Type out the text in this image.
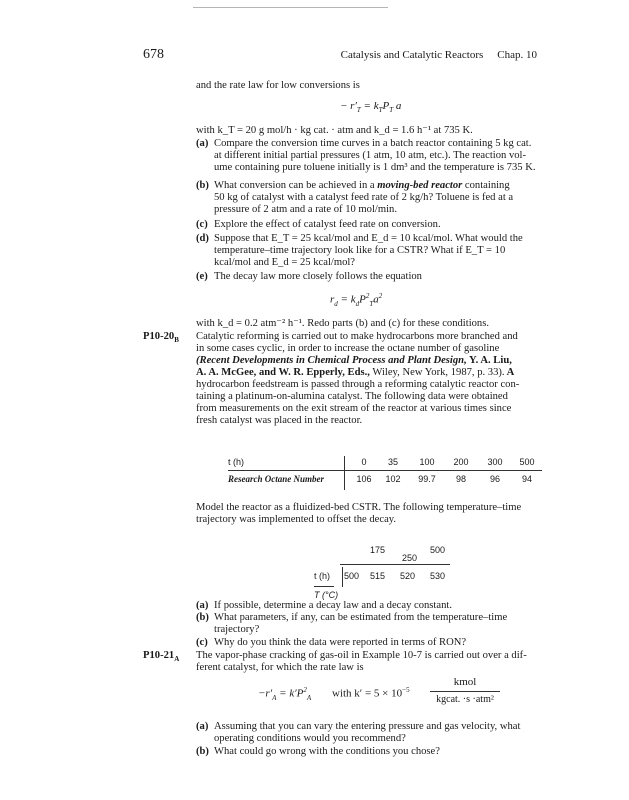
678	Catalysis and Catalytic Reactors Chap. 10
and the rate law for low conversions is
− $r'_T = k_TP_T$ a
with k_T = 20 g mol/h · kg cat. · atm and k_d = 1.6 h⁻¹ at 735 K.
(a) Compare the conversion time curves in a batch reactor containing 5 kg cat.
at different initial partial pressures (1 atm, 10 atm, etc.). The reaction vol-
ume containing pure toluene initially is 1 dm³ and the temperature is 735 K.
(b) What conversion can be achieved in a moving-bed reactor containing
50 kg of catalyst with a catalyst feed rate of 2 kg/h? Toluene is fed at a
pressure of 2 atm and a rate of 10 mol/min.
(c) Explore the effect of catalyst feed rate on conversion.
(d) Suppose that E_T = 25 kcal/mol and E_d = 10 kcal/mol. What would the
temperature–time trajectory look like for a CSTR? What if E_T = 10
kcal/mol and E_d = 25 kcal/mol?
(e) The decay law more closely follows the equation
$r_d = k_dP^2_Ta^2$
with k_d = 0.2 atm⁻² h⁻¹. Redo parts (b) and (c) for these conditions.
$P10-20_B$ Catalytic reforming is carried out to make hydrocarbons more branched and
in some cases cyclic, in order to increase the octane number of gasoline
(Recent Developments in Chemical Process and Plant Design, Y. A. Liu,
A. A. McGee, and W. R. Epperly, Eds., Wiley, New York, 1987, p. 33). A
hydrocarbon feedstream is passed through a reforming catalytic reactor con-
taining a platinum-on-alumina catalyst. The following data were obtained
from measurements on the exit stream of the reactor at various times since
fresh catalyst was placed in the reactor.
t (h)		0	35	100	200	300	500
Research Octane Number		106	102	99.7	98	96	94
Model the reactor as a fluidized-bed CSTR. The following temperature–time
trajectory was implemented to offset the decay.
175
250
500
t (h) 500 515 520 530
T (°C)
(a) If possible, determine a decay law and a decay constant.
(b) What parameters, if any, can be estimated from the temperature–time
trajectory?
(c) Why do you think the data were reported in terms of RON?
$P10-21_A$ The vapor-phase cracking of gas-oil in Example 10-7 is carried out over a dif-
ferent catalyst, for which the rate law is
$-r'_A = k'P^2_A$ with $k' = 5 \times 10^{-5}$
kmol
kgcat. ·s ·atm²
(a) Assuming that you can vary the entering pressure and gas velocity, what
operating conditions would you recommend?
(b) What could go wrong with the conditions you chose?
